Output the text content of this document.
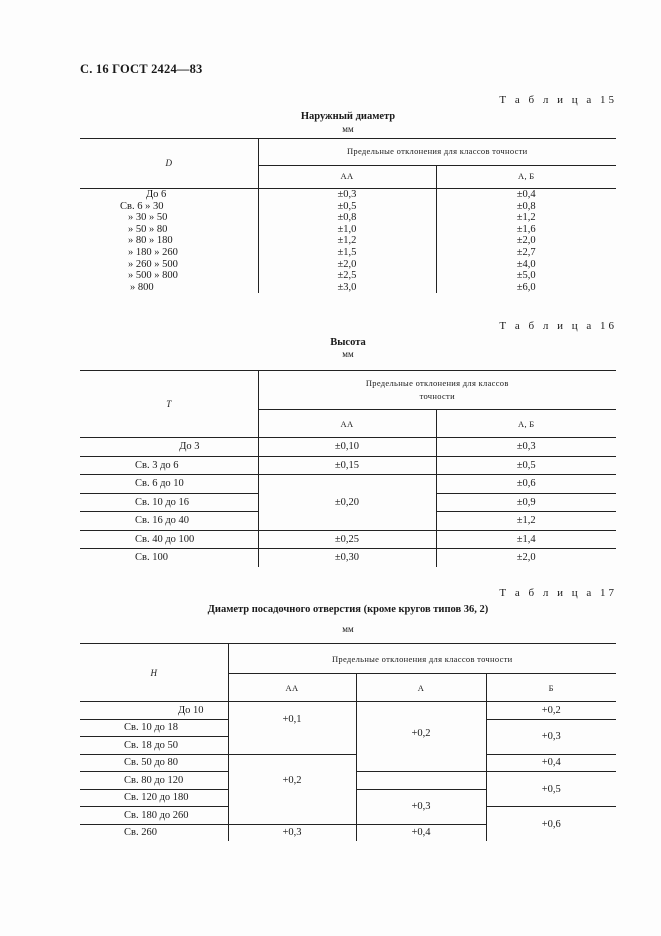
С. 16 ГОСТ 2424—83
Т а б л и ц а 15
Наружный диаметр
мм
D	Предельные отклонения для классов точности	
	АА	А, Б
До 6	±0,3	±0,4
Св. 6 » 30	±0,5	±0,8
» 30 » 50	±0,8	±1,2
» 50 » 80	±1,0	±1,6
» 80 » 180	±1,2	±2,0
» 180 » 260	±1,5	±2,7
» 260 » 500	±2,0	±4,0
» 500 » 800	±2,5	±5,0
» 800	±3,0	±6,0
Т а б л и ц а 16
Высота
мм
T	Предельные отклонения для классов
точности	

	АА	А, Б
До 3	±0,10	±0,3
Св. 3 до 6	±0,15	±0,5
Св. 6 до 10	±0,20	±0,6
Св. 10 до 16		±0,9
Св. 16 до 40		±1,2
Св. 40 до 100	±0,25	±1,4
Св. 100	±0,30	±2,0
Т а б л и ц а 17
Диаметр посадочного отверстия (кроме кругов типов 36, 2)
мм
Н	Предельные отклонения для классов точности		
	АА	А	Б
До 10	+0,1	+0,2	+0,2
Св. 10 до 18			+0,3
Св. 18 до 50			
Св. 50 до 80	+0,2		+0,4
Св. 80 до 120			+0,5
Св. 120 до 180		+0,3	
Св. 180 до 260			+0,6
Св. 260	+0,3	+0,4	
